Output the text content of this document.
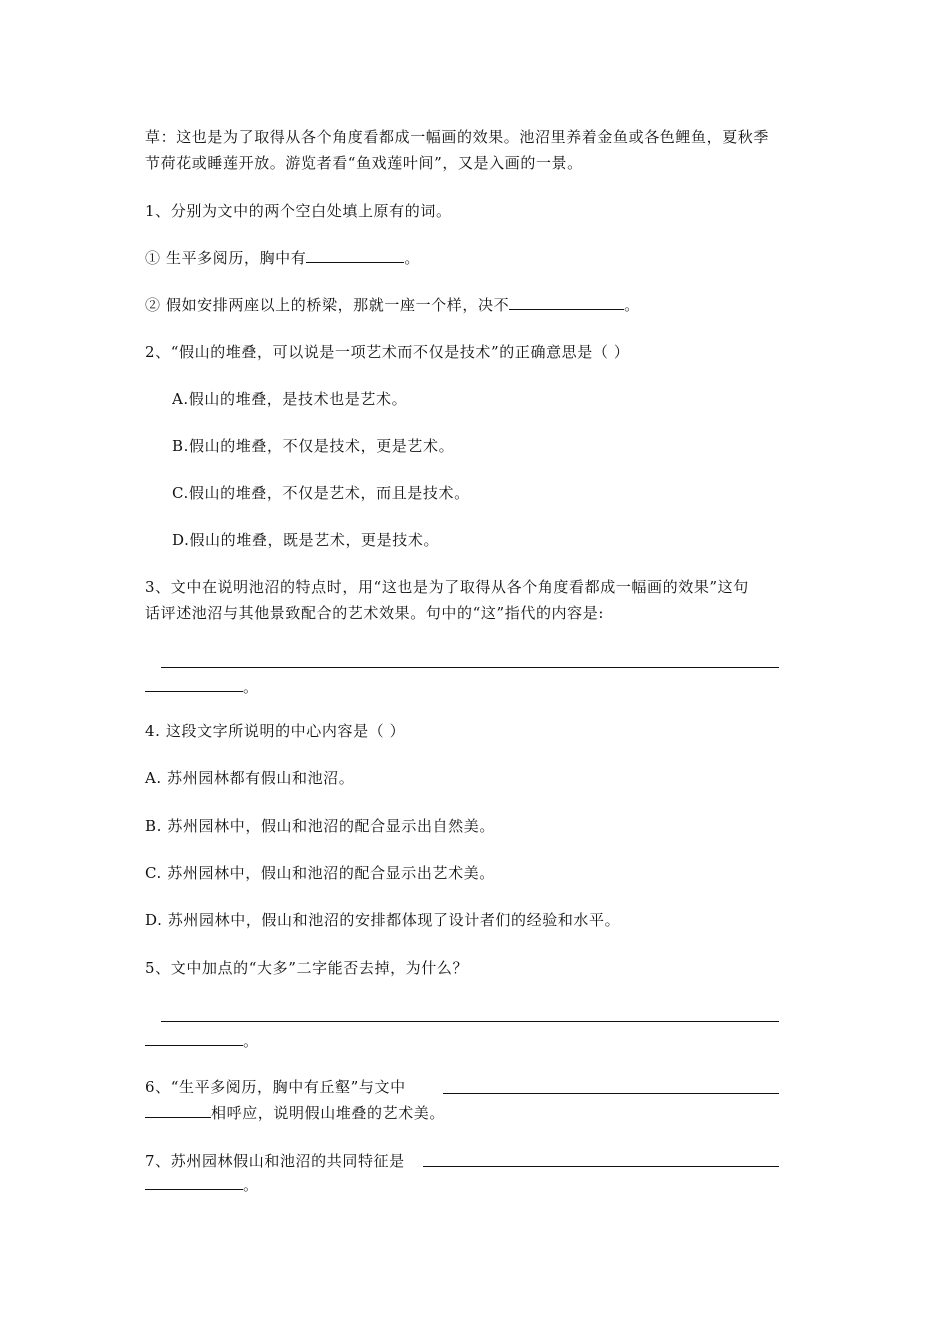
草：这也是为了取得从各个角度看都成一幅画的效果。池沼里养着金鱼或各色鲤鱼，夏秋季
节荷花或睡莲开放。游览者看“鱼戏莲叶间”，又是入画的一景。
1、分别为文中的两个空白处填上原有的词。
① 生平多阅历，胸中有	。
② 假如安排两座以上的桥梁，那就一座一个样，决不	。
2、“假山的堆叠，可以说是一项艺术而不仅是技术”的正确意思是（ ）
A.假山的堆叠，是技术也是艺术。
B.假山的堆叠，不仅是技术，更是艺术。
C.假山的堆叠，不仅是艺术，而且是技术。
D.假山的堆叠，既是艺术，更是技术。
3、文中在说明池沼的特点时，用“这也是为了取得从各个角度看都成一幅画的效果”这句
话评述池沼与其他景致配合的艺术效果。句中的“这”指代的内容是:
。
4. 这段文字所说明的中心内容是（ ）
A. 苏州园林都有假山和池沼。
B. 苏州园林中，假山和池沼的配合显示出自然美。
C. 苏州园林中，假山和池沼的配合显示出艺术美。
D. 苏州园林中，假山和池沼的安排都体现了设计者们的经验和水平。
5、文中加点的“大多”二字能否去掉，为什么？
。
6、“生平多阅历，胸中有丘壑”与文中
相呼应，说明假山堆叠的艺术美。
7、苏州园林假山和池沼的共同特征是
。
